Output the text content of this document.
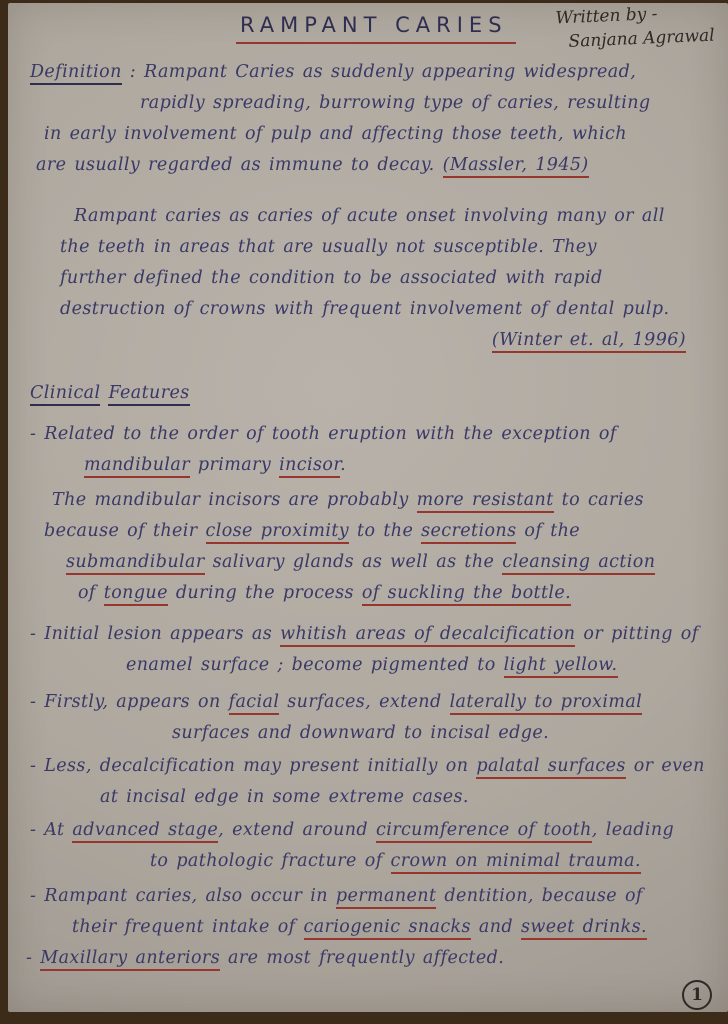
RAMPANT CARIES	Written by -
Sanjana Agrawal
Definition : Rampant Caries as suddenly appearing widespread,
rapidly spreading, burrowing type of caries, resulting
in early involvement of pulp and affecting those teeth, which
are usually regarded as immune to decay. (Massler, 1945)
Rampant caries as caries of acute onset involving many or all
the teeth in areas that are usually not susceptible. They
further defined the condition to be associated with rapid
destruction of crowns with frequent involvement of dental pulp.
(Winter et. al, 1996)
Clinical Features
- Related to the order of tooth eruption with the exception of
mandibular primary incisor.
The mandibular incisors are probably more resistant to caries
because of their close proximity to the secretions of the
submandibular salivary glands as well as the cleansing action
of tongue during the process of suckling the bottle.
- Initial lesion appears as whitish areas of decalcification or pitting of
enamel surface ; become pigmented to light yellow.
- Firstly, appears on facial surfaces, extend laterally to proximal
surfaces and downward to incisal edge.
- Less, decalcification may present initially on palatal surfaces or even
at incisal edge in some extreme cases.
- At advanced stage, extend around circumference of tooth, leading
to pathologic fracture of crown on minimal trauma.
- Rampant caries, also occur in permanent dentition, because of
their frequent intake of cariogenic snacks and sweet drinks.
- Maxillary anteriors are most frequently affected.
1
